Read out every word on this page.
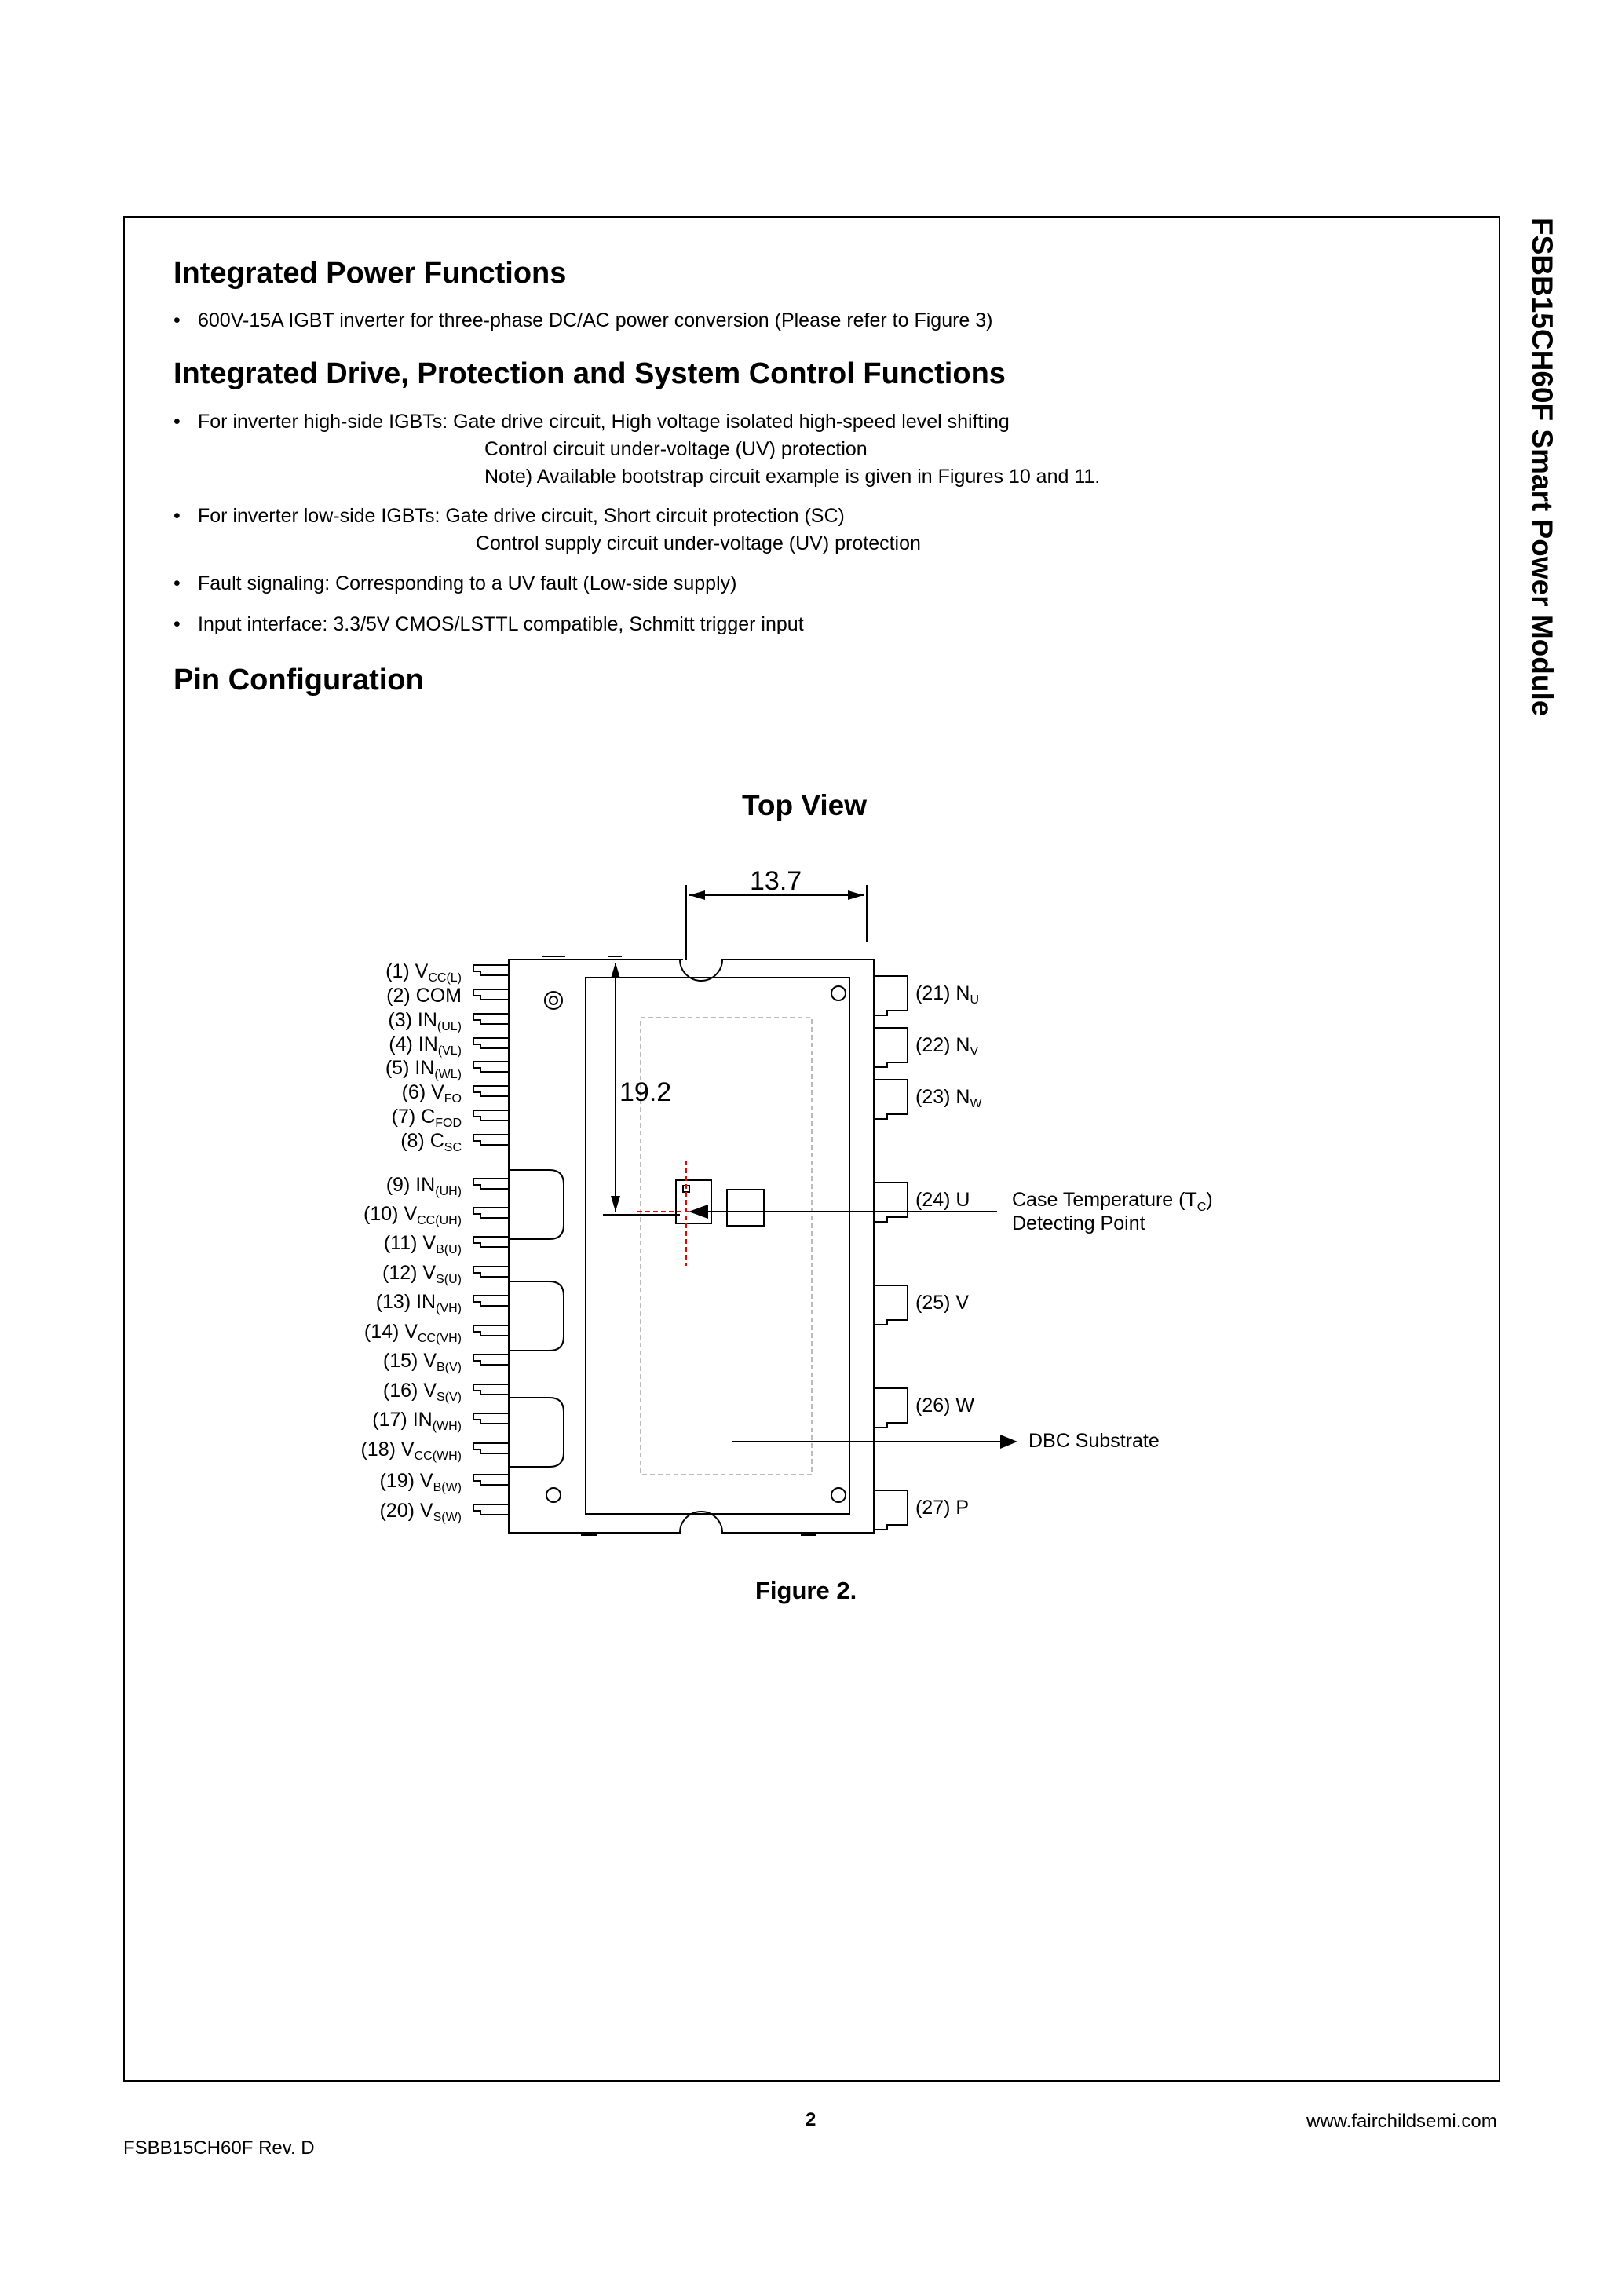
FSBB15CH60F Smart Power Module
Integrated Power Functions
• 600V-15A IGBT inverter for three-phase DC/AC power conversion (Please refer to Figure 3)
Integrated Drive, Protection and System Control Functions
• For inverter high-side IGBTs: Gate drive circuit, High voltage isolated high-speed level shifting
Control circuit under-voltage (UV) protection
Note) Available bootstrap circuit example is given in Figures 10 and 11.
• For inverter low-side IGBTs: Gate drive circuit, Short circuit protection (SC)
Control supply circuit under-voltage (UV) protection
• Fault signaling: Corresponding to a UV fault (Low-side supply)
• Input interface: 3.3/5V CMOS/LSTTL compatible, Schmitt trigger input
Pin Configuration
Top View
13.7
19.2
(1) $V_{CC(L)}$
(2) COM
(3) $IN_{(UL)}$
(4) $IN_{(VL)}$
(5) $IN_{(WL)}$
(6) $V_{FO}$
(7) $C_{FOD}$
(8) $C_{SC}$
(9) $IN_{(UH)}$
(10) $V_{CC(UH)}$
(11) $V_{B(U)}$
(12) $V_{S(U)}$
(13) $IN_{(VH)}$
(14) $V_{CC(VH)}$
(15) $V_{B(V)}$
(16) $V_{S(V)}$
(17) $IN_{(WH)}$
(18) $V_{CC(WH)}$
(19) $V_{B(W)}$
(20) $V_{S(W)}$
(21) $N_U$
(22) $N_V$
(23) $N_W$
(24) U
(25) V
(26) W
(27) P
Case Temperature $(T_C)$
Detecting Point
DBC Substrate
Figure 2.
2	www.fairchildsemi.com
FSBB15CH60F Rev. D
